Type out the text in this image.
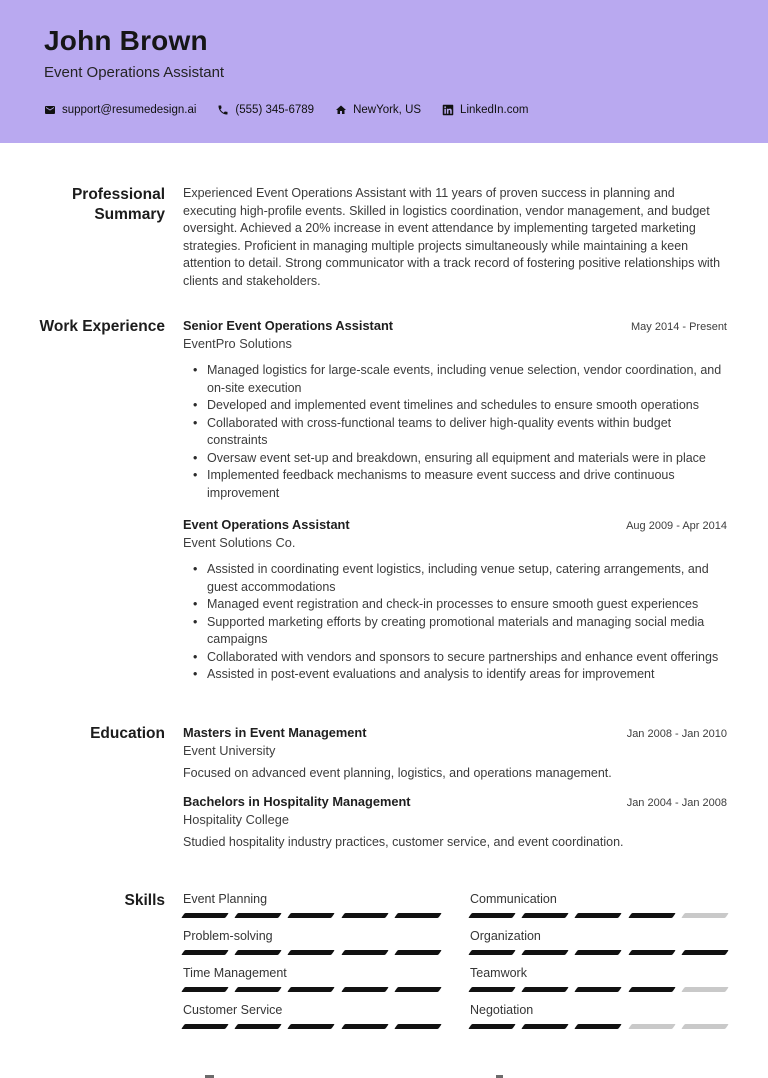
John Brown
Event Operations Assistant
support@resumedesign.ai	(555) 345-6789	NewYork, US	LinkedIn.com
Professional Summary
Experienced Event Operations Assistant with 11 years of proven success in planning and executing high-profile events. Skilled in logistics coordination, vendor management, and budget oversight. Achieved a 20% increase in event attendance by implementing targeted marketing strategies. Proficient in managing multiple projects simultaneously while maintaining a keen attention to detail. Strong communicator with a track record of fostering positive relationships with clients and stakeholders.
Work Experience Senior Event Operations Assistant	May 2014 - Present
EventPro Solutions
• Managed logistics for large-scale events, including venue selection, vendor coordination, and on-site execution
• Developed and implemented event timelines and schedules to ensure smooth operations
• Collaborated with cross-functional teams to deliver high-quality events within budget constraints
• Oversaw event set-up and breakdown, ensuring all equipment and materials were in place
• Implemented feedback mechanisms to measure event success and drive continuous improvement
Event Operations Assistant	Aug 2009 - Apr 2014
Event Solutions Co.
• Assisted in coordinating event logistics, including venue setup, catering arrangements, and guest accommodations
• Managed event registration and check-in processes to ensure smooth guest experiences
• Supported marketing efforts by creating promotional materials and managing social media campaigns
• Collaborated with vendors and sponsors to secure partnerships and enhance event offerings
• Assisted in post-event evaluations and analysis to identify areas for improvement
Education Masters in Event Management	Jan 2008 - Jan 2010
Event University
Focused on advanced event planning, logistics, and operations management.
Bachelors in Hospitality Management	Jan 2004 - Jan 2008
Hospitality College
Studied hospitality industry practices, customer service, and event coordination.
Skills Event Planning	Communication
Problem-solving	Organization
Time Management	Teamwork
Customer Service	Negotiation
